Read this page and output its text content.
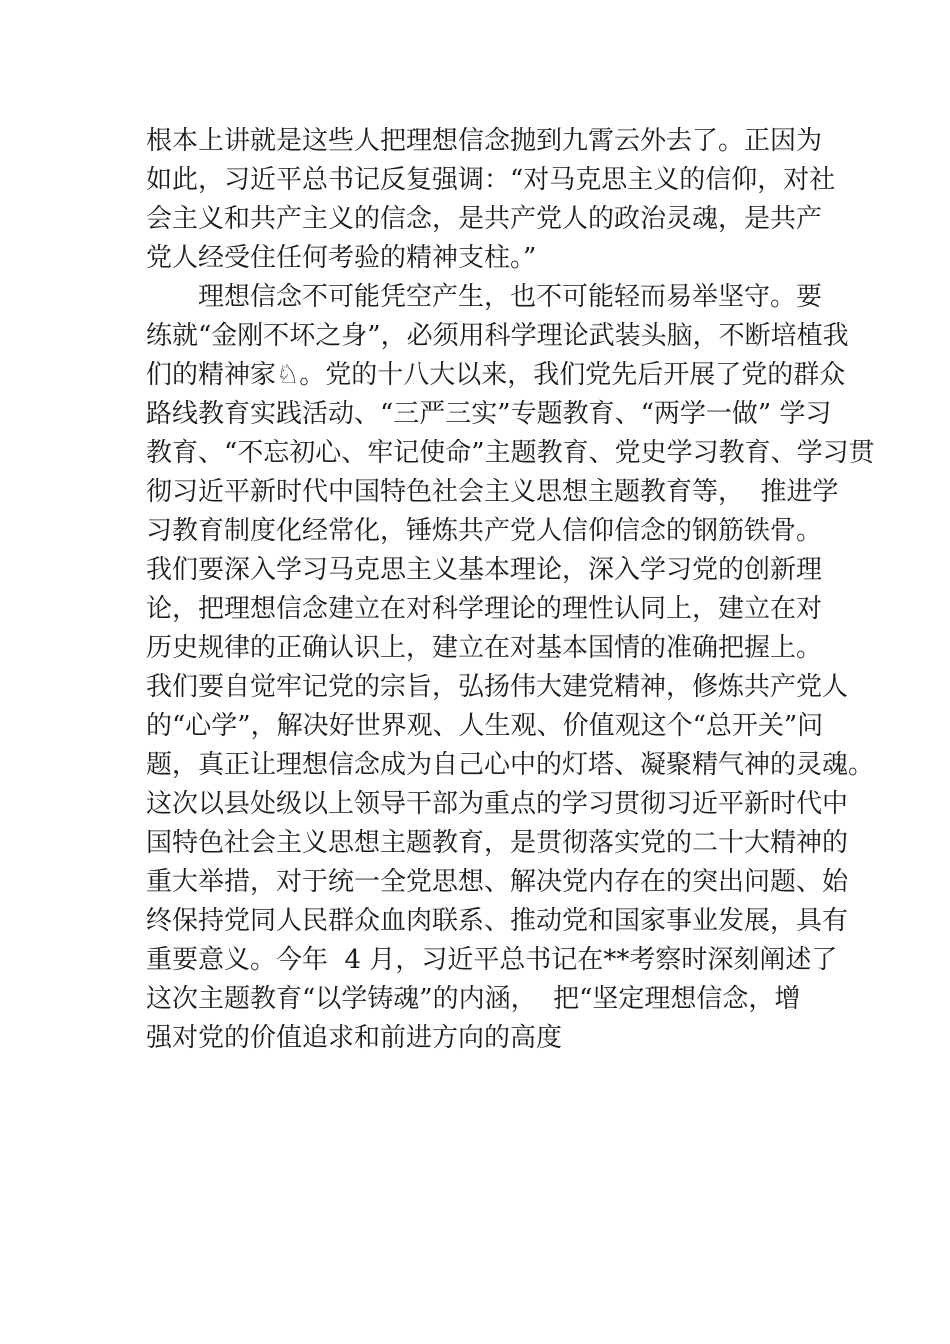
根本上讲就是这些人把理想信念抛到九霄云外去了。正因为
如此，习近平总书记反复强调：“对马克思主义的信仰，对社
会主义和共产主义的信念，是共产党人的政治灵魂，是共产
党人经受住任何考验的精神支柱。”
理想信念不可能凭空产生，也不可能轻而易举坚守。要
练就“金刚不坏之身”，必须用科学理论武装头脑，不断培植我
们的精神家♘。党的十八大以来，我们党先后开展了党的群众
路线教育实践活动、“三严三实”专题教育、“两学一做” 学习
教育、“不忘初心、牢记使命”主题教育、党史学习教育、学习贯
彻习近平新时代中国特色社会主义思想主题教育等，  推进学
习教育制度化经常化，锤炼共产党人信仰信念的钢筋铁骨。
我们要深入学习马克思主义基本理论，深入学习党的创新理
论，把理想信念建立在对科学理论的理性认同上，建立在对
历史规律的正确认识上，建立在对基本国情的准确把握上。
我们要自觉牢记党的宗旨，弘扬伟大建党精神，修炼共产党人
的“心学”，解决好世界观、人生观、价值观这个“总开关”问
题，真正让理想信念成为自己心中的灯塔、凝聚精气神的灵魂。
这次以县处级以上领导干部为重点的学习贯彻习近平新时代中
国特色社会主义思想主题教育，是贯彻落实党的二十大精神的
重大举措，对于统一全党思想、解决党内存在的突出问题、始
终保持党同人民群众血肉联系、推动党和国家事业发展，具有
重要意义。今年  4 月，习近平总书记在**考察时深刻阐述了
这次主题教育“以学铸魂”的内涵，  把“坚定理想信念，增
强对党的价值追求和前进方向的高度
